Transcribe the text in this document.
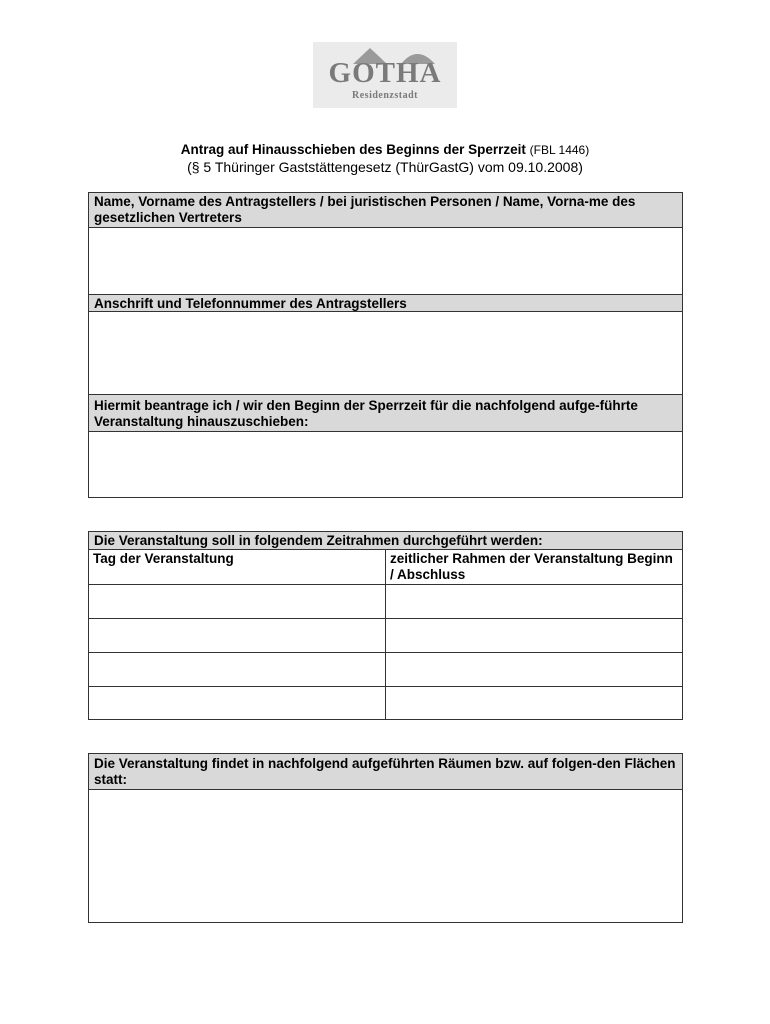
GOTHA
Residenzstadt
Antrag auf Hinausschieben des Beginns der Sperrzeit (FBL 1446)
(§ 5 Thüringer Gaststättengesetz (ThürGastG) vom 09.10.2008)
Name, Vorname des Antragstellers / bei juristischen Personen / Name, Vorna-me des gesetzlichen Vertreters
Anschrift und Telefonnummer des Antragstellers
Hiermit beantrage ich / wir den Beginn der Sperrzeit für die nachfolgend aufge-führte Veranstaltung hinauszuschieben:
Die Veranstaltung soll in folgendem Zeitrahmen durchgeführt werden:
Tag der Veranstaltung	zeitlicher Rahmen der Veranstaltung Beginn / Abschluss
Die Veranstaltung findet in nachfolgend aufgeführten Räumen bzw. auf folgen-den Flächen statt:
